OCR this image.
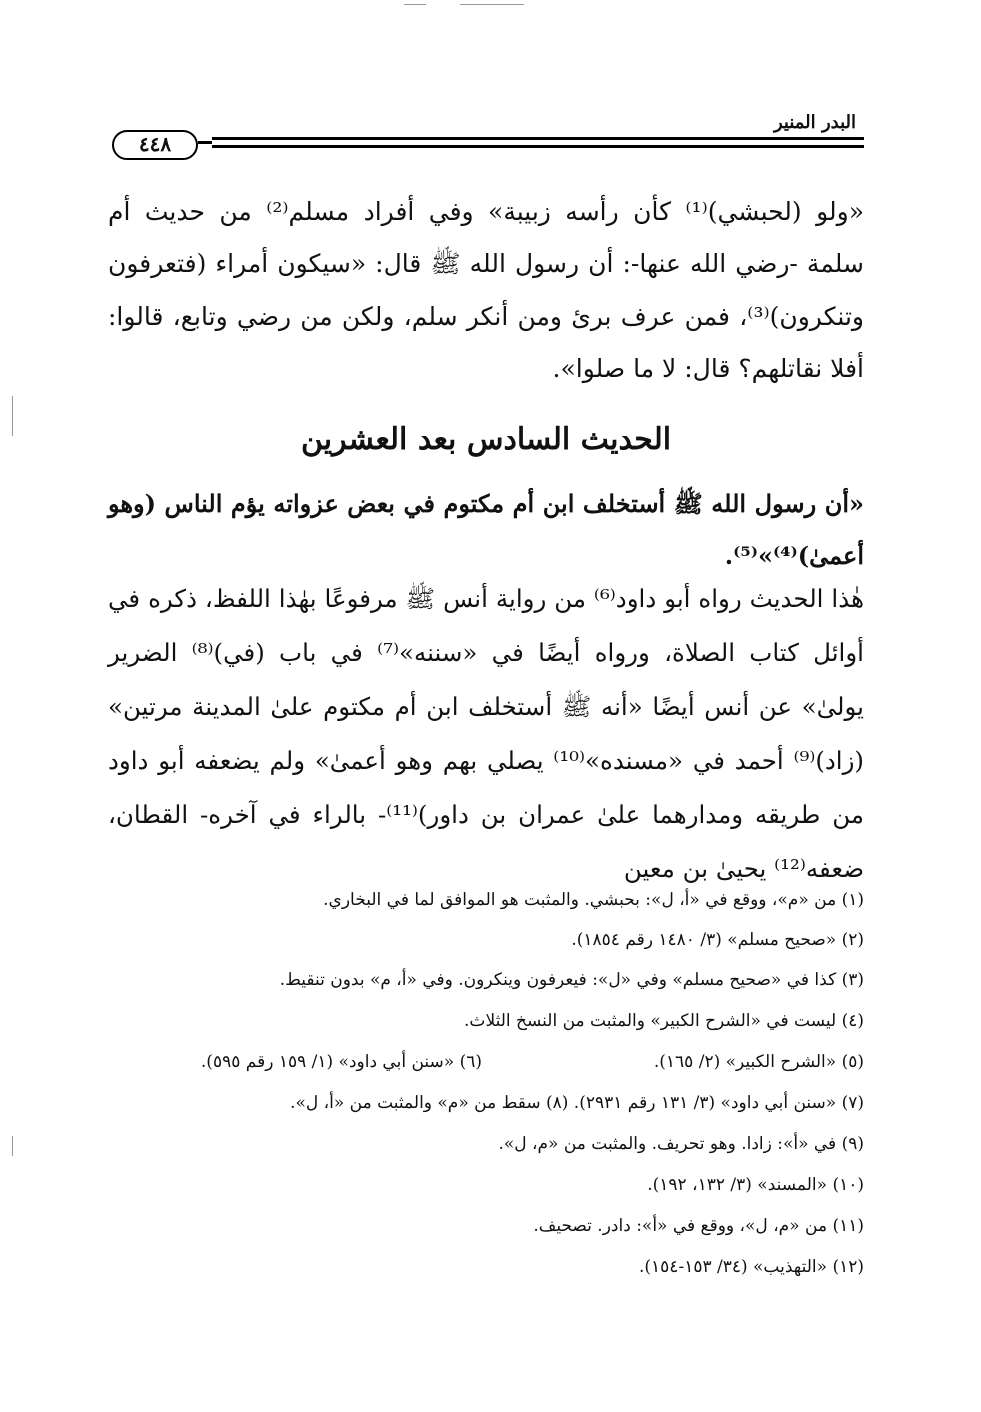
البدر المنير
٤٤٨

«ولو (لحبشي)⁽¹⁾ كأن رأسه زبيبة» وفي أفراد مسلم⁽²⁾ من حديث أم سلمة -رضي الله عنها-: أن رسول الله ﷺ قال: «سيكون أمراء (فتعرفون وتنكرون)⁽³⁾، فمن عرف برئ ومن أنكر سلم، ولكن من رضي وتابع، قالوا: أفلا نقاتلهم؟ قال: لا ما صلوا».

الحديث السادس بعد العشرين
«أن رسول الله ﷺ أستخلف ابن أم مكتوم في بعض عزواته يؤم الناس (وهو أعمىٰ)⁽⁴⁾»⁽⁵⁾.

هٰذا الحديث رواه أبو داود⁽⁶⁾ من رواية أنس ﷺ مرفوعًا بهٰذا اللفظ، ذكره في أوائل كتاب الصلاة، ورواه أيضًا في «سننه»⁽⁷⁾ في باب (في)⁽⁸⁾ الضرير يولىٰ» عن أنس أيضًا «أنه ﷺ أستخلف ابن أم مكتوم علىٰ المدينة مرتين» (زاد)⁽⁹⁾ أحمد في «مسنده»⁽¹⁰⁾ يصلي بهم وهو أعمىٰ» ولم يضعفه أبو داود من طريقه ومدارهما علىٰ عمران بن داور)⁽¹¹⁾- بالراء في آخره- القطان، ضعفه⁽¹²⁾ يحيىٰ بن معين

(١) من «م»، ووقع في «أ، ل»: بحبشي. والمثبت هو الموافق لما في البخاري.
(٢) «صحيح مسلم» (٣/ ١٤٨٠ رقم ١٨٥٤).
(٣) كذا في «صحيح مسلم» وفي «ل»: فيعرفون وينكرون. وفي «أ، م» بدون تنقيط.
(٤) ليست في «الشرح الكبير» والمثبت من النسخ الثلاث.
(٥) «الشرح الكبير» (٢/ ١٦٥).
(٦) «سنن أبي داود» (١/ ١٥٩ رقم ٥٩٥).
(٧) «سنن أبي داود» (٣/ ١٣١ رقم ٢٩٣١). (٨) سقط من «م» والمثبت من «أ، ل».
(٩) في «أ»: زادا. وهو تحريف. والمثبت من «م، ل».
(١٠) «المسند» (٣/ ١٣٢، ١٩٢).
(١١) من «م، ل»، ووقع في «أ»: دادر. تصحيف.
(١٢) «التهذيب» (٣٤/ ١٥٣-١٥٤).
